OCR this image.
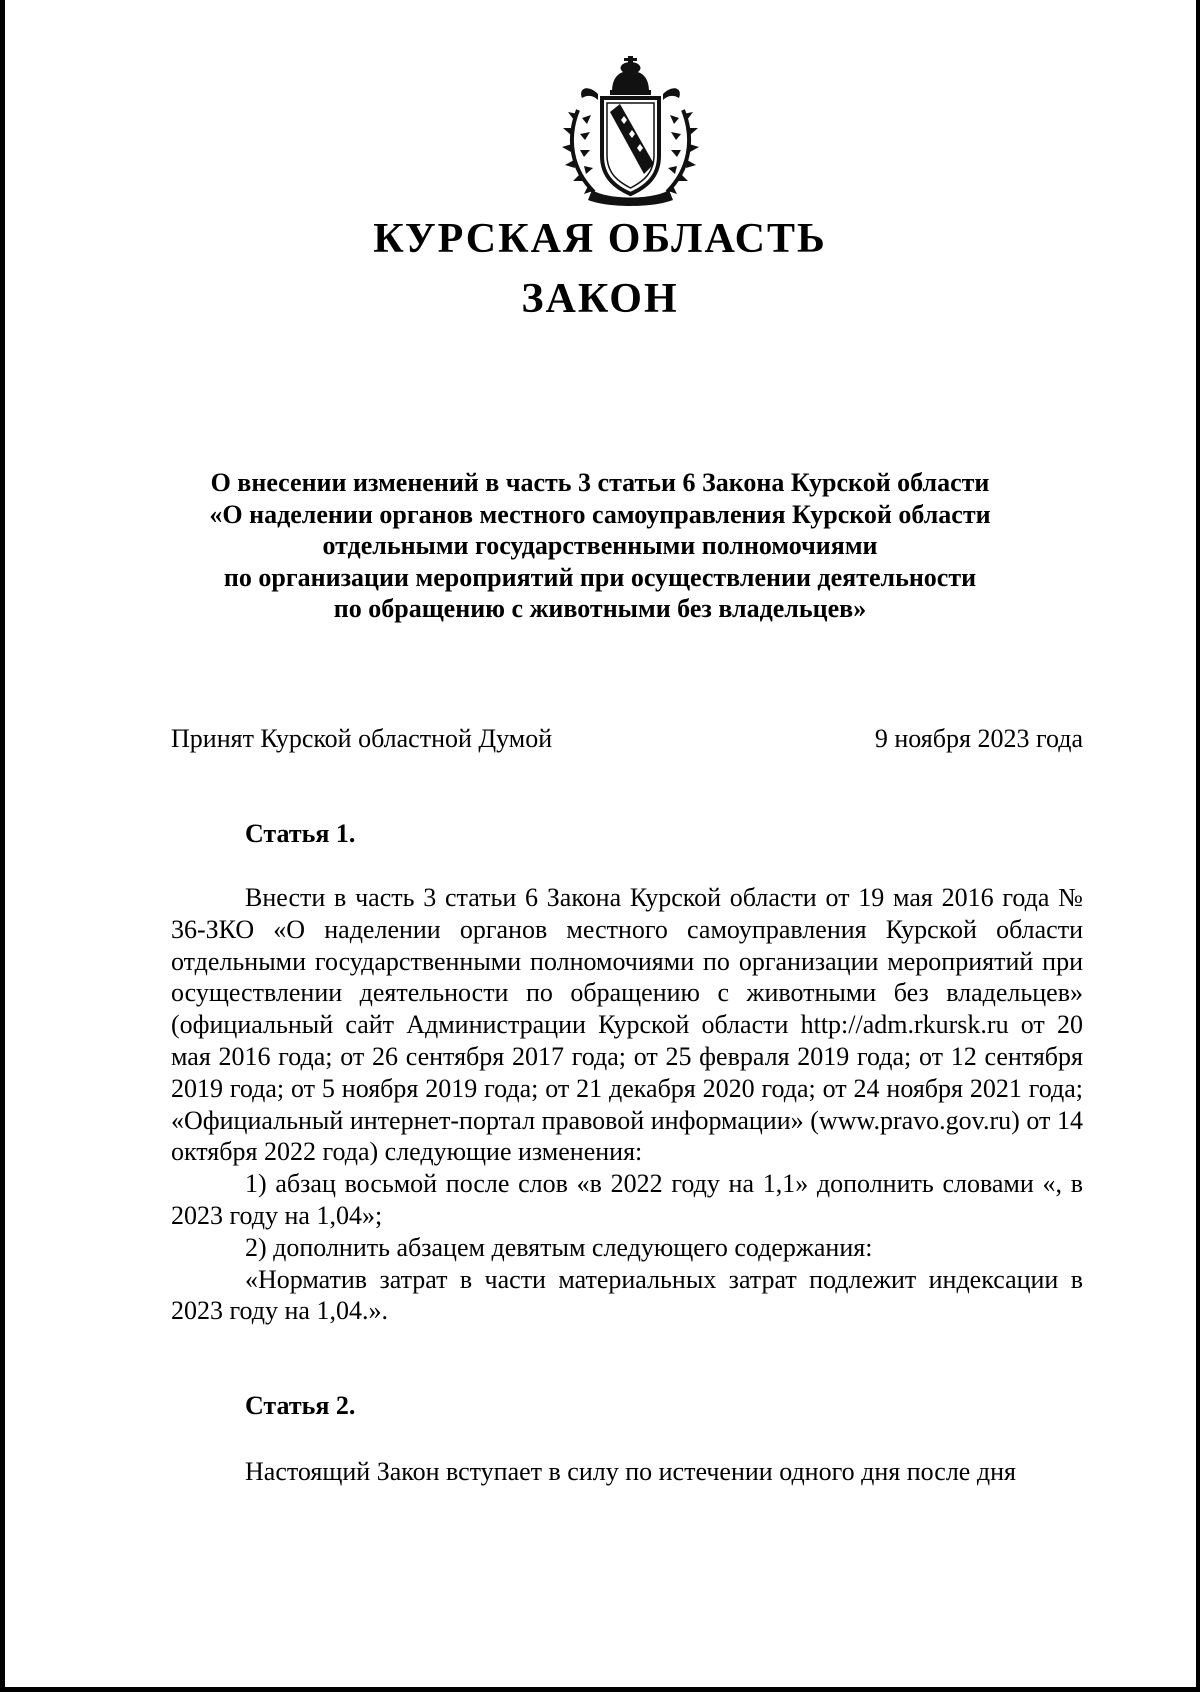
КУРСКАЯ ОБЛАСТЬ
ЗАКОН
О внесении изменений в часть 3 статьи 6 Закона Курской области
«О наделении органов местного самоуправления Курской области
отдельными государственными полномочиями
по организации мероприятий при осуществлении деятельности
по обращению с животными без владельцев»
Принят Курской областной Думой	9 ноября 2023 года
Статья 1.

Внести в часть 3 статьи 6 Закона Курской области от 19 мая 2016 года № 36-ЗКО «О наделении органов местного самоуправления Курской области отдельными государственными полномочиями по организации мероприятий при осуществлении деятельности по обращению с животными без владельцев» (официальный сайт Администрации Курской области http://adm.rkursk.ru от 20 мая 2016 года; от 26 сентября 2017 года; от 25 февраля 2019 года; от 12 сентября 2019 года; от 5 ноября 2019 года; от 21 декабря 2020 года; от 24 ноября 2021 года; «Официальный интернет-портал правовой информации» (www.pravo.gov.ru) от 14 октября 2022 года) следующие изменения:

1) абзац восьмой после слов «в 2022 году на 1,1» дополнить словами «, в 2023 году на 1,04»;

2) дополнить абзацем девятым следующего содержания:

«Норматив затрат в части материальных затрат подлежит индексации в 2023 году на 1,04.».

Статья 2.

Настоящий Закон вступает в силу по истечении одного дня после дня
